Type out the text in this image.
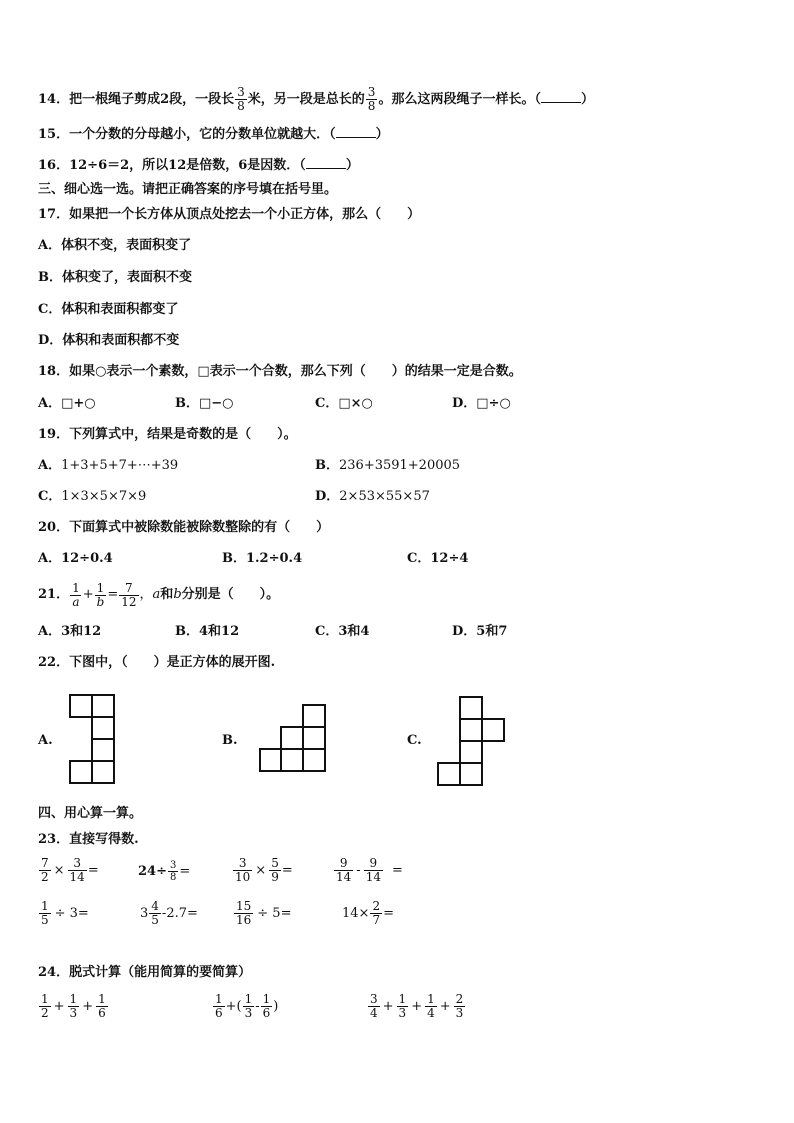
14．把一根绳子剪成2段，一段长 $\frac{3}{8}$ 米，另一段是总长的 $\frac{3}{8}$ 。那么这两段绳子一样长。（	）
15．一个分数的分母越小，它的分数单位就越大．（	）
16．12÷6＝2，所以12是倍数，6是因数．（	）
三、细心选一选。请把正确答案的序号填在括号里。
17．如果把一个长方体从顶点处挖去一个小正方体，那么（　　）
A．体积不变，表面积变了
B．体积变了，表面积不变
C．体积和表面积都变了
D．体积和表面积都不变
18．如果○表示一个素数，□表示一个合数，那么下列（　　）的结果一定是合数。
A．□+○	B．□−○	C．□×○	D．□÷○
19．下列算式中，结果是奇数的是（　　）。
A．1+3+5+7+⋯+39	B．236+3591+20005
C．1×3×5×7×9	D．2×53×55×57
20．下面算式中被除数能被除数整除的有（　　）
A．12÷0.4	B．1.2÷0.4	C．12÷4
21． $\frac{1}{a} + \frac{1}{b} = \frac{7}{12}$ ， a 和 b 分别是（　　）。
A．3和12	B．4和12	C．3和4	D．5和7
22．下图中，（　　）是正方体的展开图.
A.	B.	C.
四、用心算一算。
23．直接写得数.
$\frac{7}{2} \times \frac{3}{14}$ =	$24\div \frac{3}{8}$ =	$\frac{3}{10} \times \frac{5}{9}$ =	$\frac{9}{14} - \frac{9}{14}$ =
$\frac{1}{5} \div 3=$	$3 \frac{4}{5} -2.7=$	$\frac{15}{16} \div 5=$	$14\times \frac{2}{7}$ =
24．脱式计算（能用简算的要简算）
$\frac{1}{2} + \frac{1}{3} + \frac{1}{6}$	$\frac{1}{6}$ +( $\frac{1}{3} - \frac{1}{6}$ )	$\frac{3}{4} + \frac{1}{3} + \frac{1}{4} + \frac{2}{3}$
